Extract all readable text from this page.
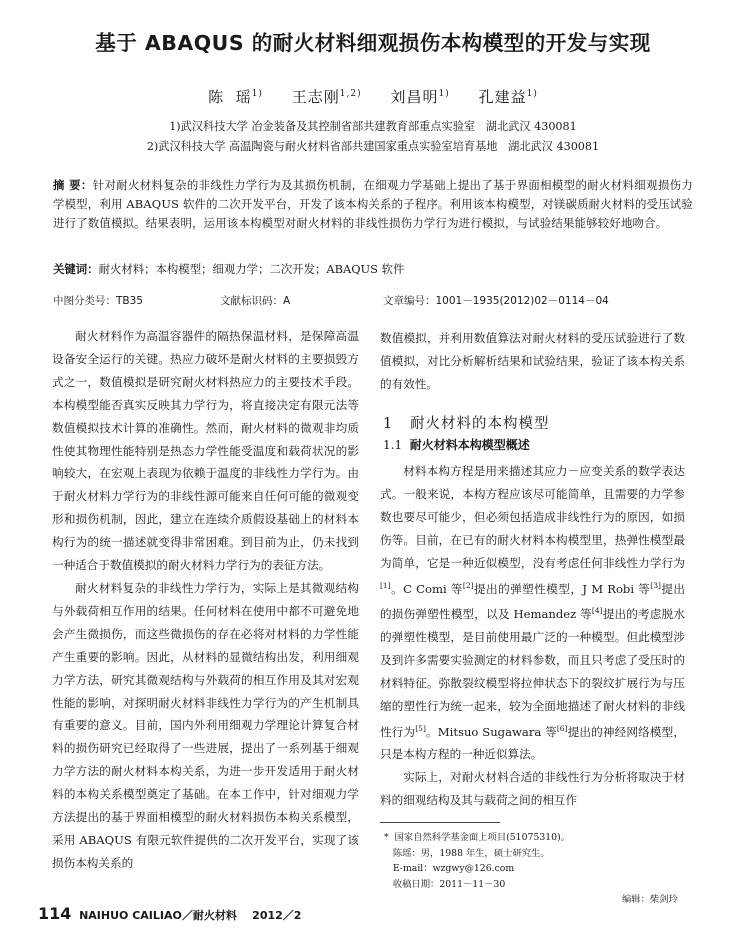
基于 ABAQUS 的耐火材料细观损伤本构模型的开发与实现
陈  瑶$^{1)}$ 王志刚$^{1,2)}$ 刘昌明$^{1)}$ 孔建益$^{1)}$
1)武汉科技大学 冶金装备及其控制省部共建教育部重点实验室   湖北武汉 430081
2)武汉科技大学 高温陶瓷与耐火材料省部共建国家重点实验室培育基地   湖北武汉 430081
摘 要：针对耐火材料复杂的非线性力学行为及其损伤机制，在细观力学基础上提出了基于界面相模型的耐火材料细观损伤力学模型，利用 ABAQUS 软件的二次开发平台，开发了该本构关系的子程序。利用该本构模型，对镁碳质耐火材料的受压试验进行了数值模拟。结果表明，运用该本构模型对耐火材料的非线性损伤力学行为进行模拟，与试验结果能够较好地吻合。
关键词：耐火材料；本构模型；细观力学；二次开发；ABAQUS 软件
中图分类号：TB35	文献标识码：A	文章编号：1001－1935(2012)02－0114－04

耐火材料作为高温容器件的隔热保温材料，是保障高温设备安全运行的关键。热应力破坏是耐火材料的主要损毁方式之一，数值模拟是研究耐火材料热应力的主要技术手段。本构模型能否真实反映其力学行为，将直接决定有限元法等数值模拟技术计算的准确性。然而，耐火材料的微观非均质性使其物理性能特别是热态力学性能受温度和载荷状况的影响较大，在宏观上表现为依赖于温度的非线性力学行为。由于耐火材料力学行为的非线性源可能来自任何可能的微观变形和损伤机制，因此，建立在连续介质假设基础上的材料本构行为的统一描述就变得非常困难。到目前为止，仍未找到一种适合于数值模拟的耐火材料力学行为的表征方法。

耐火材料复杂的非线性力学行为，实际上是其微观结构与外载荷相互作用的结果。任何材料在使用中都不可避免地会产生微损伤，而这些微损伤的存在必将对材料的力学性能产生重要的影响。因此，从材料的显微结构出发，利用细观力学方法，研究其微观结构与外载荷的相互作用及其对宏观性能的影响，对探明耐火材料非线性力学行为的产生机制具有重要的意义。目前，国内外利用细观力学理论计算复合材料的损伤研究已经取得了一些进展，提出了一系列基于细观力学方法的耐火材料本构关系，为进一步开发适用于耐火材料的本构关系模型奠定了基础。在本工作中，针对细观力学方法提出的基于界面相模型的耐火材料损伤本构关系模型，采用 ABAQUS 有限元软件提供的二次开发平台，实现了该损伤本构关系的

数值模拟，并利用数值算法对耐火材料的受压试验进行了数值模拟，对比分析解析结果和试验结果，验证了该本构关系的有效性。

1 耐火材料的本构模型
1.1 耐火材料本构模型概述

材料本构方程是用来描述其应力－应变关系的数学表达式。一般来说，本构方程应该尽可能简单，且需要的力学参数也要尽可能少，但必须包括造成非线性行为的原因，如损伤等。目前，在已有的耐火材料本构模型里，热弹性模型最为简单，它是一种近似模型，没有考虑任何非线性力学行为[1]。C Comi 等[2]提出的弹塑性模型，J M Robi 等[3]提出的损伤弹塑性模型，以及 Hemandez 等[4]提出的考虑脱水的弹塑性模型，是目前使用最广泛的一种模型。但此模型涉及到许多需要实验测定的材料参数，而且只考虑了受压时的材料特征。弥散裂纹模型将拉伸状态下的裂纹扩展行为与压缩的塑性行为统一起来，较为全面地描述了耐火材料的非线性行为[5]。Mitsuo Sugawara 等[6]提出的神经网络模型，只是本构方程的一种近似算法。

实际上，对耐火材料合适的非线性行为分析将取决于材料的细观结构及其与载荷之间的相互作

*  国家自然科学基金面上项目(51075310)。
陈瑶：男，1988 年生，硕士研究生。
E-mail：wzgwy@126.com
收稿日期：2011－11－30
编辑：柴剑玲
114 NAIHUO CAILIAO／耐火材料    2012／2
